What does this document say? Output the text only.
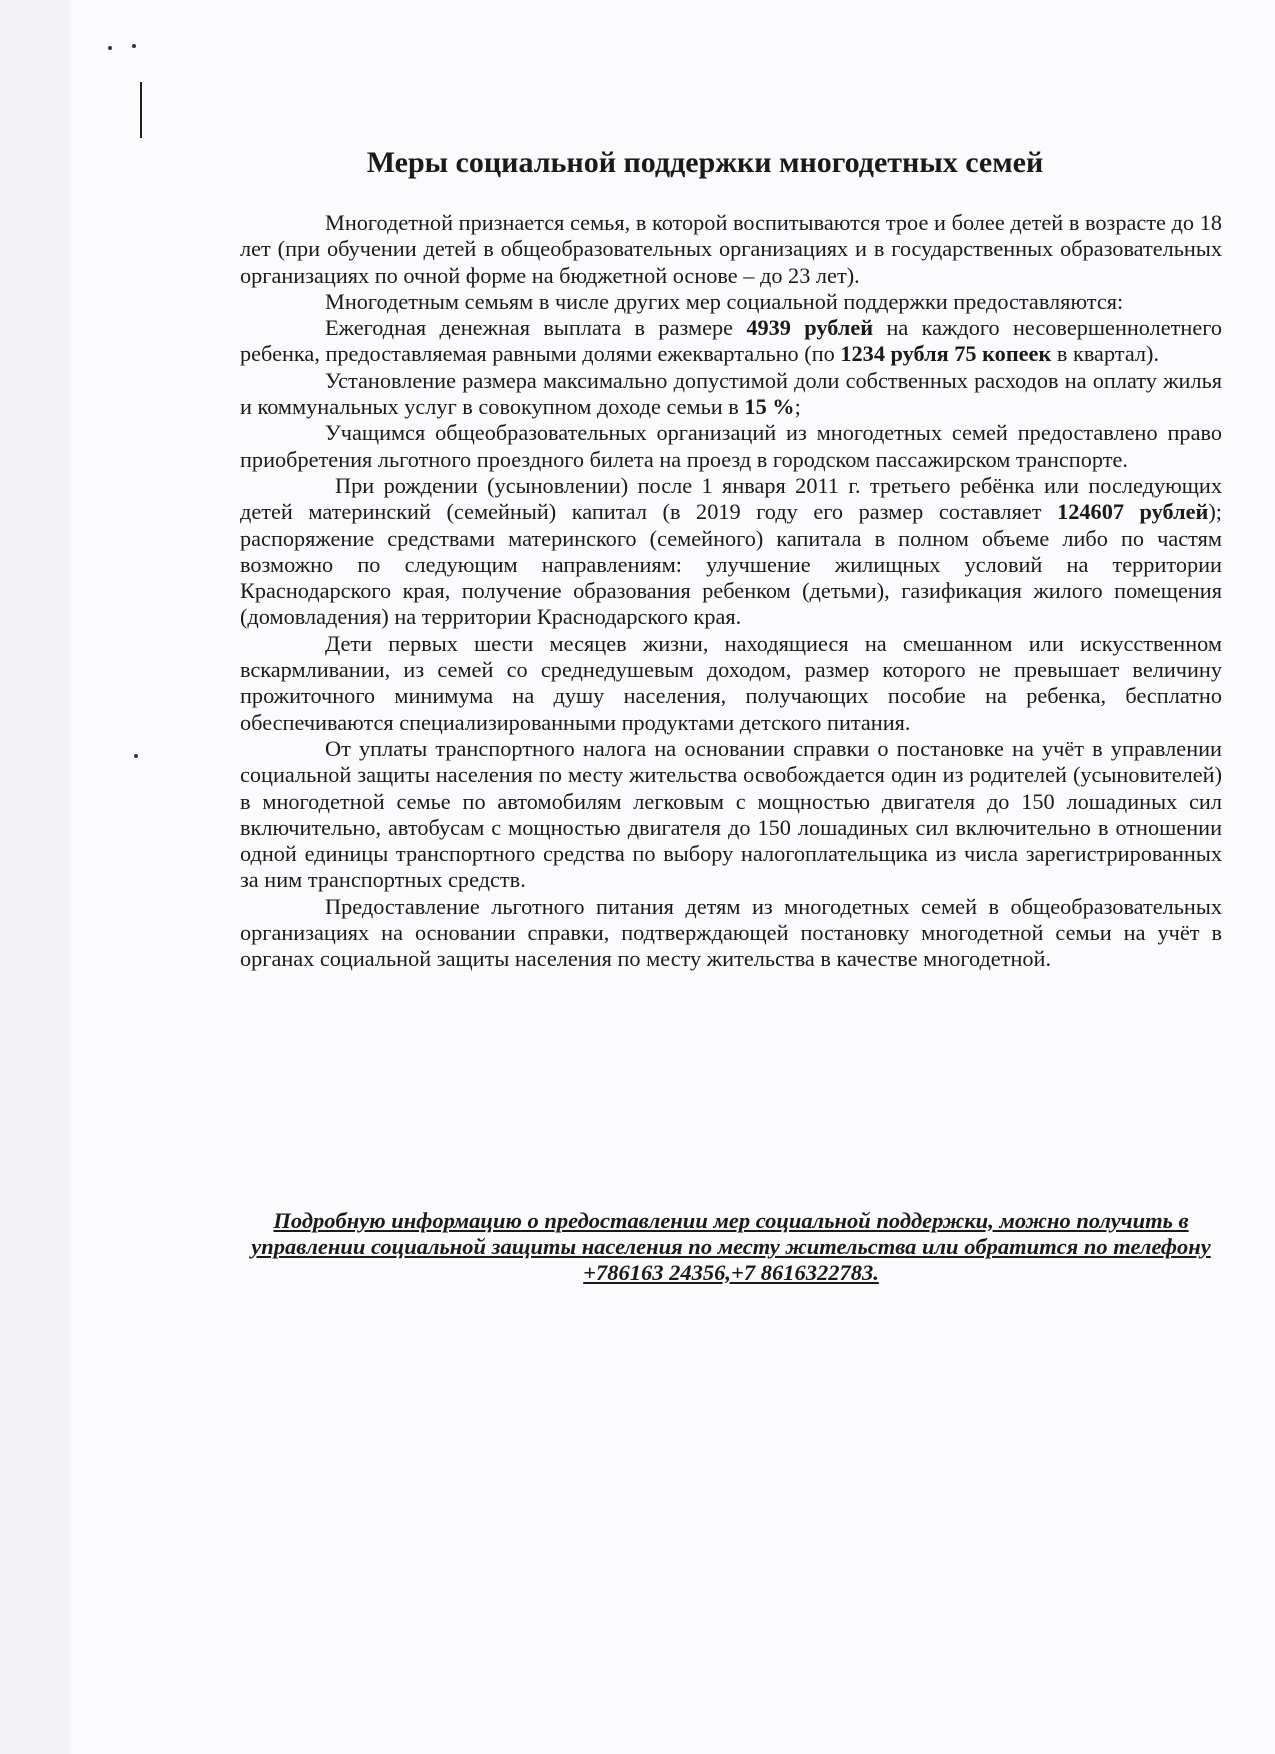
Меры социальной поддержки многодетных семей

Многодетной признается семья, в которой воспитываются трое и более детей в возрасте до 18 лет (при обучении детей в общеобразовательных организациях и в государственных образовательных организациях по очной форме на бюджетной основе – до 23 лет).

Многодетным семьям в числе других мер социальной поддержки предоставляются:

Ежегодная денежная выплата в размере 4939 рублей на каждого несовершеннолетнего ребенка, предоставляемая равными долями ежеквартально (по 1234 рубля 75 копеек в квартал).

Установление размера максимально допустимой доли собственных расходов на оплату жилья и коммунальных услуг в совокупном доходе семьи в 15 %;

Учащимся общеобразовательных организаций из многодетных семей предоставлено право приобретения льготного проездного билета на проезд в городском пассажирском транспорте.

При рождении (усыновлении) после 1 января 2011 г. третьего ребёнка или последующих детей материнский (семейный) капитал (в 2019 году его размер составляет 124607 рублей); распоряжение средствами материнского (семейного) капитала в полном объеме либо по частям возможно по следующим направлениям: улучшение жилищных условий на территории Краснодарского края, получение образования ребенком (детьми), газификация жилого помещения (домовладения) на территории Краснодарского края.

Дети первых шести месяцев жизни, находящиеся на смешанном или искусственном вскармливании, из семей со среднедушевым доходом, размер которого не превышает величину прожиточного минимума на душу населения, получающих пособие на ребенка, бесплатно обеспечиваются специализированными продуктами детского питания.

От уплаты транспортного налога на основании справки о постановке на учёт в управлении социальной защиты населения по месту жительства освобождается один из родителей (усыновителей) в многодетной семье по автомобилям легковым с мощностью двигателя до 150 лошадиных сил включительно, автобусам с мощностью двигателя до 150 лошадиных сил включительно в отношении одной единицы транспортного средства по выбору налогоплательщика из числа зарегистрированных за ним транспортных средств.

Предоставление льготного питания детям из многодетных семей в общеобразовательных организациях на основании справки, подтверждающей постановку многодетной семьи на учёт в органах социальной защиты населения по месту жительства в качестве многодетной.

Подробную информацию о предоставлении мер социальной поддержки, можно получить в управлении социальной защиты населения по месту жительства или обратится по телефону +786163 24356,+7 8616322783.
